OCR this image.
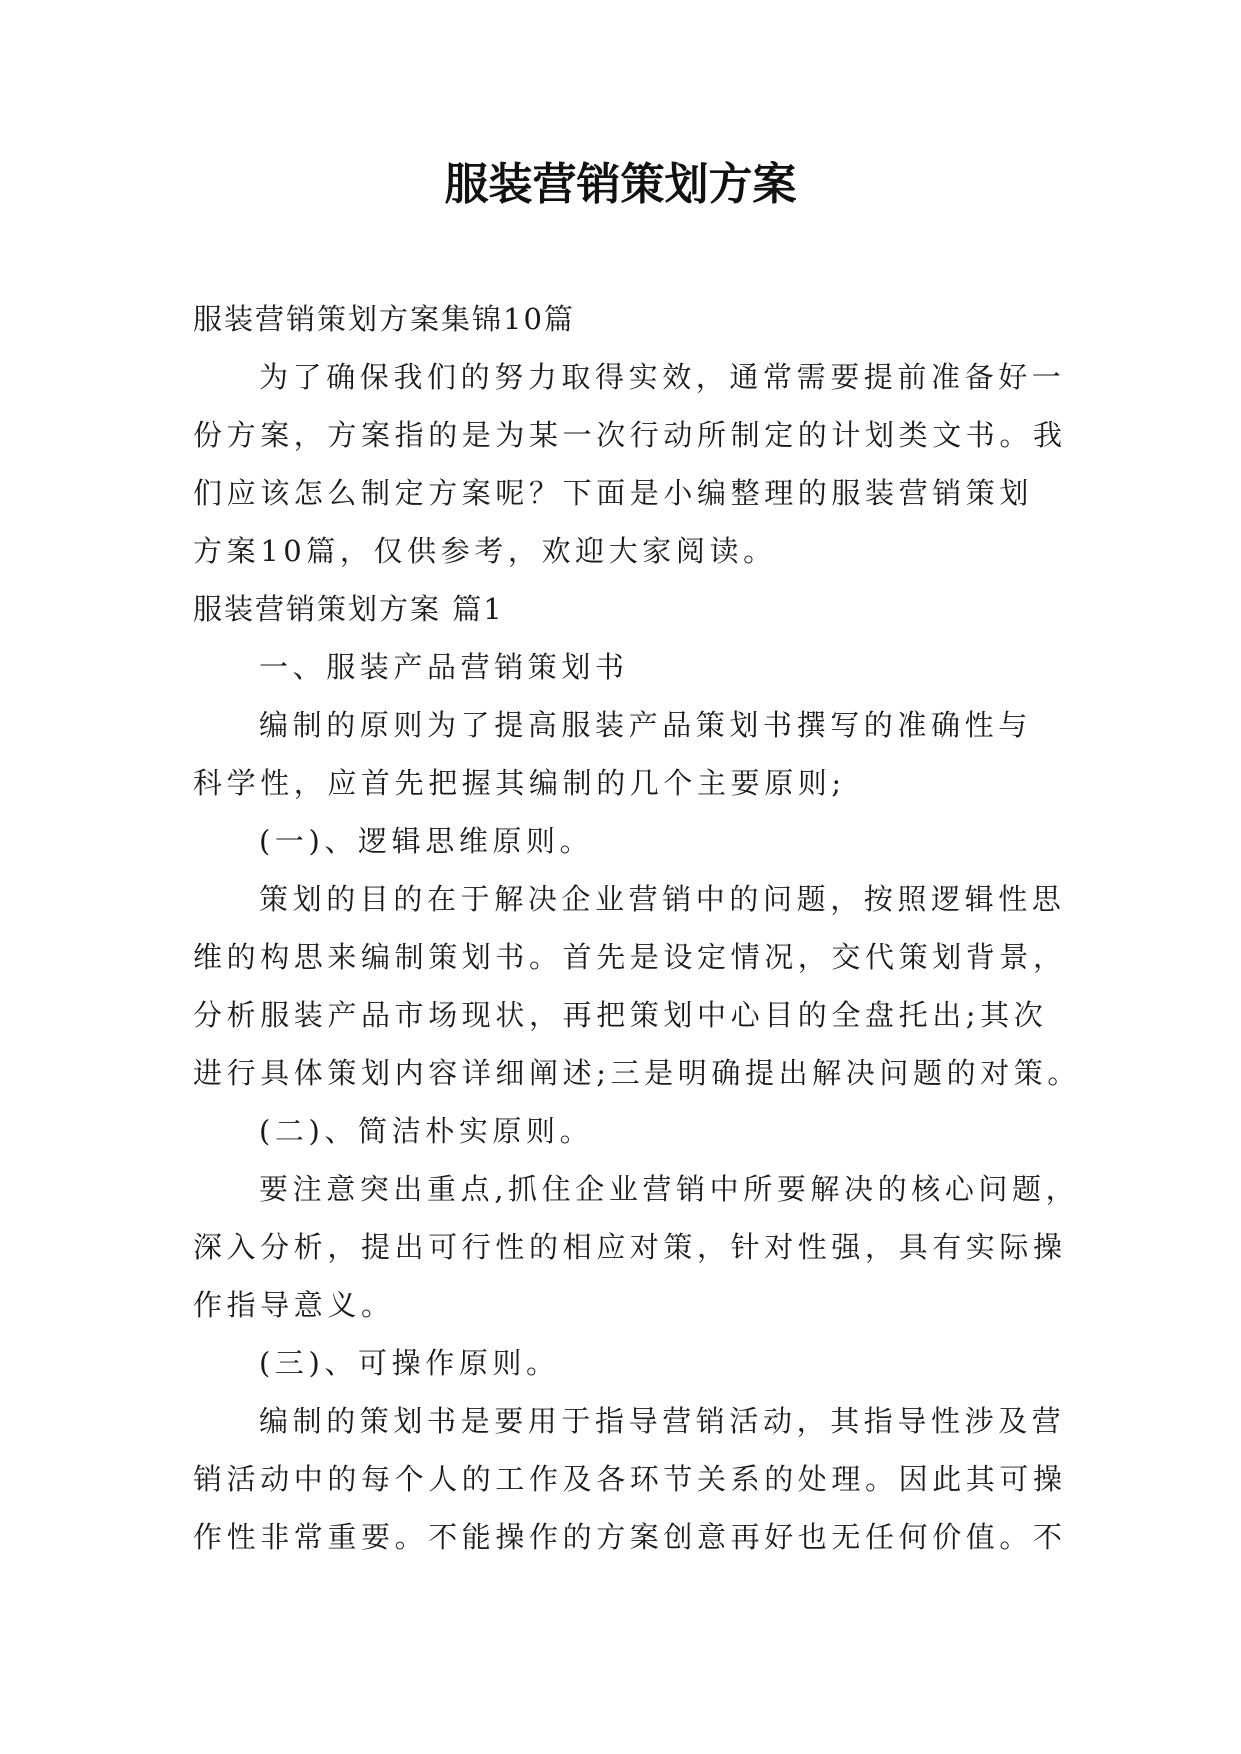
服装营销策划方案

服装营销策划方案集锦10篇

为了确保我们的努力取得实效，通常需要提前准备好一

份方案，方案指的是为某一次行动所制定的计划类文书。我

们应该怎么制定方案呢？下面是小编整理的服装营销策划

方案10篇，仅供参考，欢迎大家阅读。

服装营销策划方案 篇1

一、服装产品营销策划书

编制的原则为了提高服装产品策划书撰写的准确性与

科学性，应首先把握其编制的几个主要原则;

(一)、逻辑思维原则。

策划的目的在于解决企业营销中的问题，按照逻辑性思

维的构思来编制策划书。首先是设定情况，交代策划背景，

分析服装产品市场现状，再把策划中心目的全盘托出;其次

进行具体策划内容详细阐述;三是明确提出解决问题的对策。

(二)、简洁朴实原则。

要注意突出重点,抓住企业营销中所要解决的核心问题，

深入分析，提出可行性的相应对策，针对性强，具有实际操

作指导意义。

(三)、可操作原则。

编制的策划书是要用于指导营销活动，其指导性涉及营

销活动中的每个人的工作及各环节关系的处理。因此其可操

作性非常重要。不能操作的方案创意再好也无任何价值。不
